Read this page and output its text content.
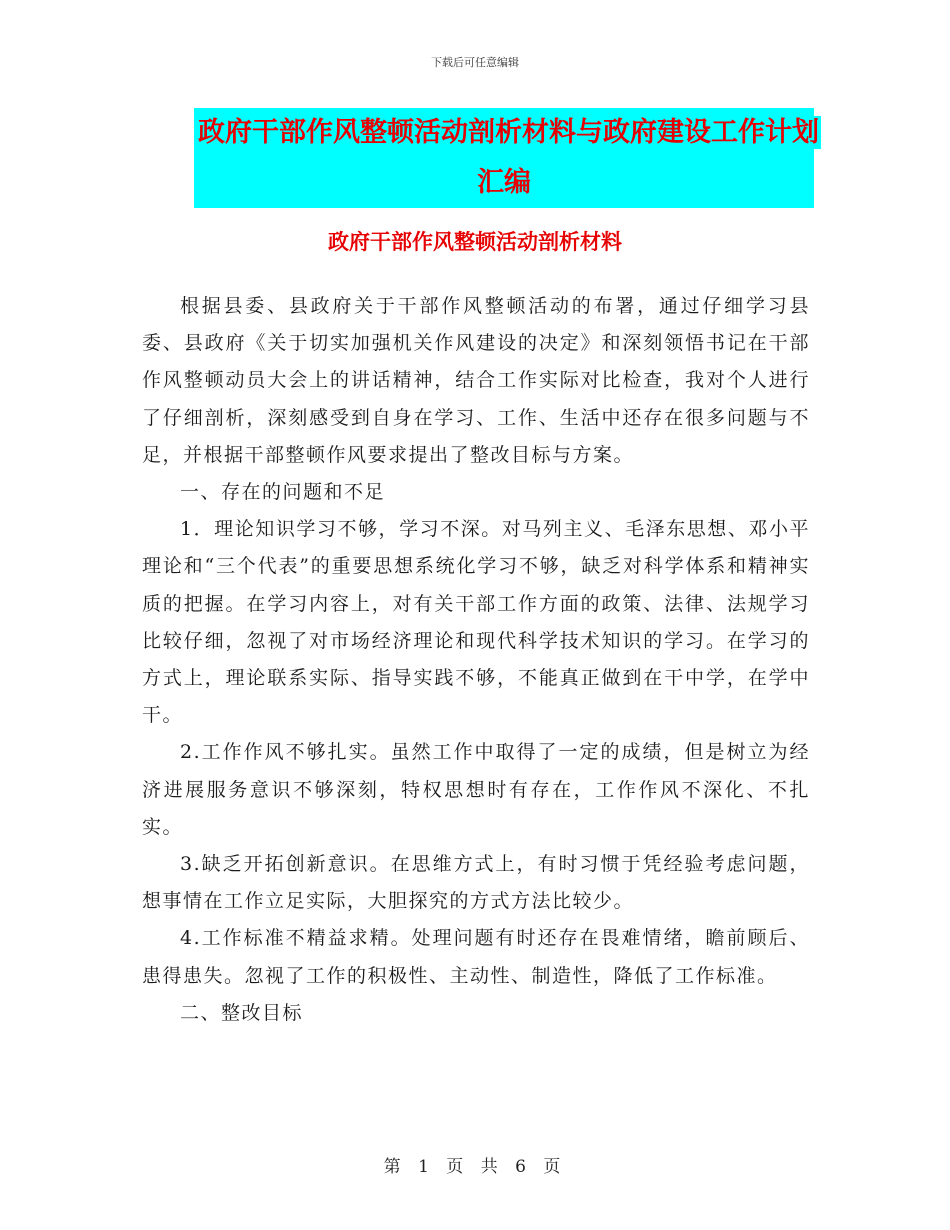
下载后可任意编辑
政府干部作风整顿活动剖析材料与政府建设工作计划
汇编
政府干部作风整顿活动剖析材料

根据县委、县政府关于干部作风整顿活动的布署，通过仔细学习县委、县政府《关于切实加强机关作风建设的决定》和深刻领悟书记在干部作风整顿动员大会上的讲话精神，结合工作实际对比检查，我对个人进行了仔细剖析，深刻感受到自身在学习、工作、生活中还存在很多问题与不足，并根据干部整顿作风要求提出了整改目标与方案。

一、存在的问题和不足

1．理论知识学习不够，学习不深。对马列主义、毛泽东思想、邓小平理论和“三个代表”的重要思想系统化学习不够，缺乏对科学体系和精神实质的把握。在学习内容上，对有关干部工作方面的政策、法律、法规学习比较仔细，忽视了对市场经济理论和现代科学技术知识的学习。在学习的方式上，理论联系实际、指导实践不够，不能真正做到在干中学，在学中干。

2.工作作风不够扎实。虽然工作中取得了一定的成绩，但是树立为经济进展服务意识不够深刻，特权思想时有存在，工作作风不深化、不扎实。

3.缺乏开拓创新意识。在思维方式上，有时习惯于凭经验考虑问题，想事情在工作立足实际，大胆探究的方式方法比较少。

4.工作标准不精益求精。处理问题有时还存在畏难情绪，瞻前顾后、患得患失。忽视了工作的积极性、主动性、制造性，降低了工作标准。

二、整改目标

第 1 页 共 6 页
